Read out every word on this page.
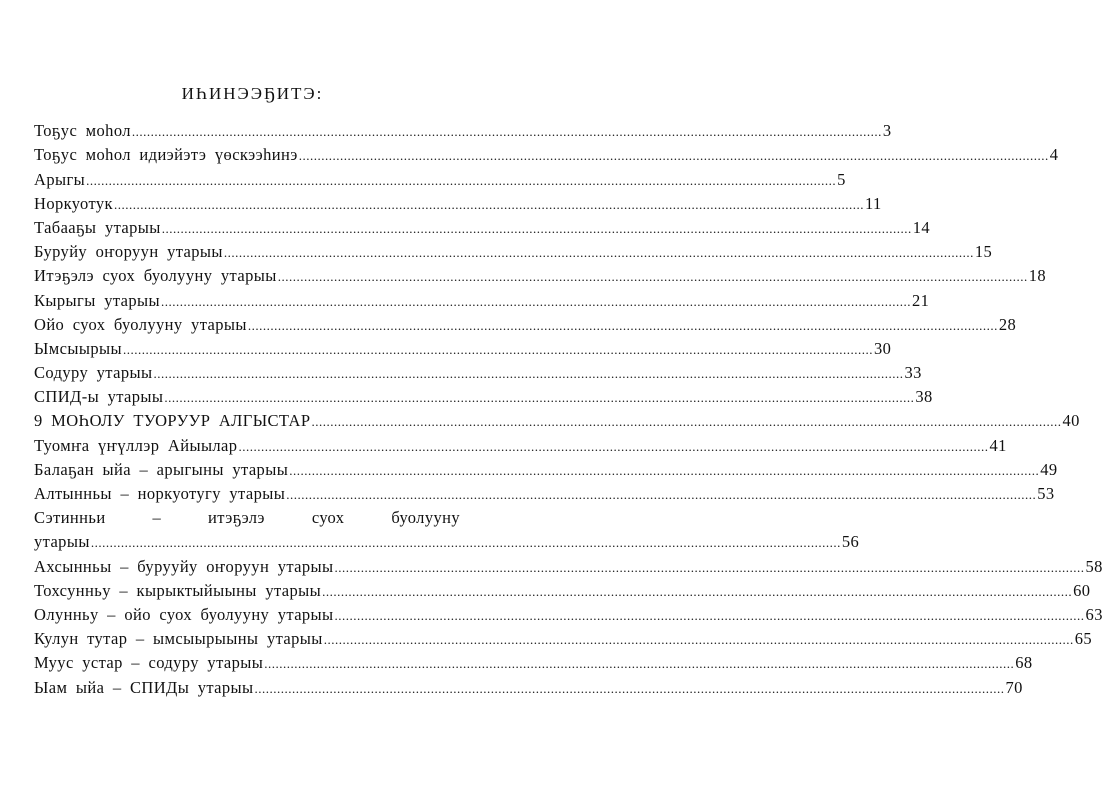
ИҺИНЭЭҔИТЭ:
Тоҕус моһол ........................................................................................................................................................................................................ 3
Тоҕус моһол идиэйэтэ үөскээһинэ ........................................................................................................................................................................................................ 4
Арыгы ........................................................................................................................................................................................................ 5
Норкуотук ........................................................................................................................................................................................................ 11
Табааҕы утарыы ........................................................................................................................................................................................................ 14
Буруйу оҥоруун утарыы ........................................................................................................................................................................................................ 15
Итэҕэлэ суох буолууну утарыы ........................................................................................................................................................................................................ 18
Кырыгы утарыы ........................................................................................................................................................................................................ 21
Ойо суох буолууну утарыы ........................................................................................................................................................................................................ 28
Ымсыырыы ........................................................................................................................................................................................................ 30
Содуру утарыы ........................................................................................................................................................................................................ 33
СПИД-ы утарыы ........................................................................................................................................................................................................ 38
9 МОҺОЛУ ТУОРУУР АЛГЫСТАР ........................................................................................................................................................................................................ 40
Туомҥа үҥүллэр Айыылар ........................................................................................................................................................................................................ 41
Балаҕан ыйа – арыгыны утарыы ........................................................................................................................................................................................................ 49
Алтынньы – норкуотугу утарыы ........................................................................................................................................................................................................ 53
Сэтинньи	–	итэҕэлэ	суох	буолууну
утарыы ........................................................................................................................................................................................................ 56
Ахсынньы – бурууйу оҥоруун утарыы ........................................................................................................................................................................................................ 58
Тохсунньу – кырыктыйыыны утарыы ........................................................................................................................................................................................................ 60
Олунньу – ойо суох буолууну утарыы ........................................................................................................................................................................................................ 63
Кулун тутар – ымсыырыыны утарыы ........................................................................................................................................................................................................ 65
Муус устар – содуру утарыы ........................................................................................................................................................................................................ 68
Ыам ыйа – СПИДы утарыы ........................................................................................................................................................................................................ 70
